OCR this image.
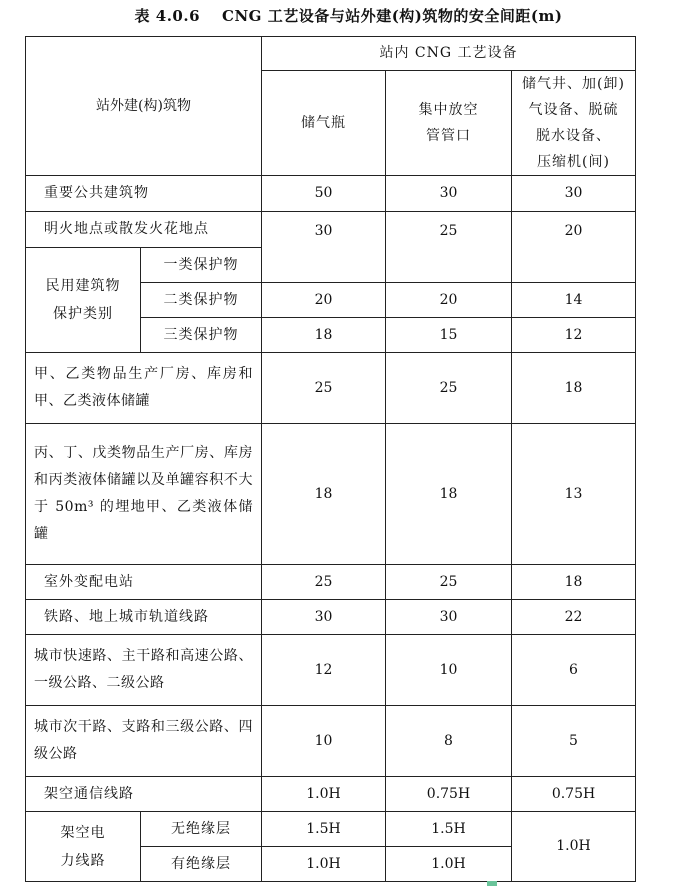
表 4.0.6 CNG 工艺设备与站外建(构)筑物的安全间距(m)
站外建(构)筑物		站内 CNG 工艺设备		
		储气瓶	集中放空
管管口	储气井、加(卸)
气设备、脱硫
脱水设备、
压缩机(间)
重要公共建筑物		50	30	30
明火地点或散发火花地点		30	25	20
民用建筑物
保护类别	一类保护物			
	二类保护物	20	20	14
	三类保护物	18	15	12
甲、乙类物品生产厂房、库房和甲、乙类液体储罐		25	25	18
丙、丁、戊类物品生产厂房、库房和丙类液体储罐以及单罐容积不大于 50m³ 的埋地甲、乙类液体储罐		18	18	13
室外变配电站		25	25	18
铁路、地上城市轨道线路		30	30	22
城市快速路、主干路和高速公路、一级公路、二级公路		12	10	6
城市次干路、支路和三级公路、四级公路		10	8	5
架空通信线路		1.0H	0.75H	0.75H
架空电
力线路	无绝缘层	1.5H	1.5H	1.0H
	有绝缘层	1.0H	1.0H	
